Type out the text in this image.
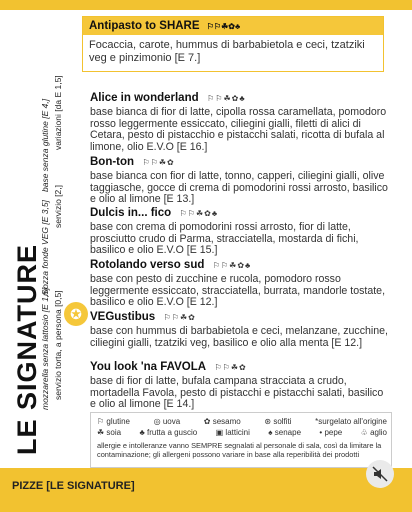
LE SIGNATURE
base senza glutine [E 4,] variazioni [da E 1,5]
mozza fonde VEG [E 3,5] servizio [2,]
mozzarella senza lattosio [E 1,5] servizio torta, a persona [0,5]
Antipasto to SHARE ⚐⚐☘✿♣
Focaccia, carote, hummus di barbabietola e ceci, tzatziki veg e pinzimonio [E 7.]
Alice in wonderland ⚐⚐☘✿♣
base bianca di fior di latte, cipolla rossa caramellata, pomodoro rosso leggermente essiccato, ciliegini gialli, filetti di alici di Cetara, pesto di pistacchio e pistacchi salati, ricotta di bufala al limone, olio E.V.O [E 16.]
Bon-ton ⚐⚐☘✿
base bianca con fior di latte, tonno, capperi, ciliegini gialli, olive taggiasche, gocce di crema di pomodorini rossi arrosto, basilico e olio al limone [E 13.]
Dulcis in... fico ⚐⚐☘✿♣
base con crema di pomodorini rossi arrosto, fior di latte, prosciutto crudo di Parma, stracciatella, mostarda di fichi, basilico e olio E.V.O [E 15.]
Rotolando verso sud ⚐⚐☘✿♣
base con pesto di zucchine e rucola, pomodoro rosso leggermente essiccato, stracciatella, burrata, mandorle tostate, basilico e olio E.V.O [E 12.]
VEGustibus ⚐⚐☘✿
base con hummus di barbabietola e ceci, melanzane, zucchine, ciliegini gialli, tzatziki veg, basilico e olio alla menta [E 12.]
You look 'na FAVOLA ⚐⚐☘✿
base di fior di latte, bufala campana stracciata a crudo, mortadella Favola, pesto di pistacchi e pistacchi salati, basilico e olio al limone [E 14.]
✪
⚐ glutine	◎ uova	✿ sesamo	⊛ solfiti	*surgelato all'origine
☘ soia ♣ frutta a guscio ▣ latticini ♠ senape • pepe ♧ aglio
allergie e intolleranze vanno SEMPRE segnalati al personale di sala, così da limitare la contaminazione; gli allergeni possono variare in base alla reperibilità dei prodotti
PIZZE [LE SIGNATURE]
